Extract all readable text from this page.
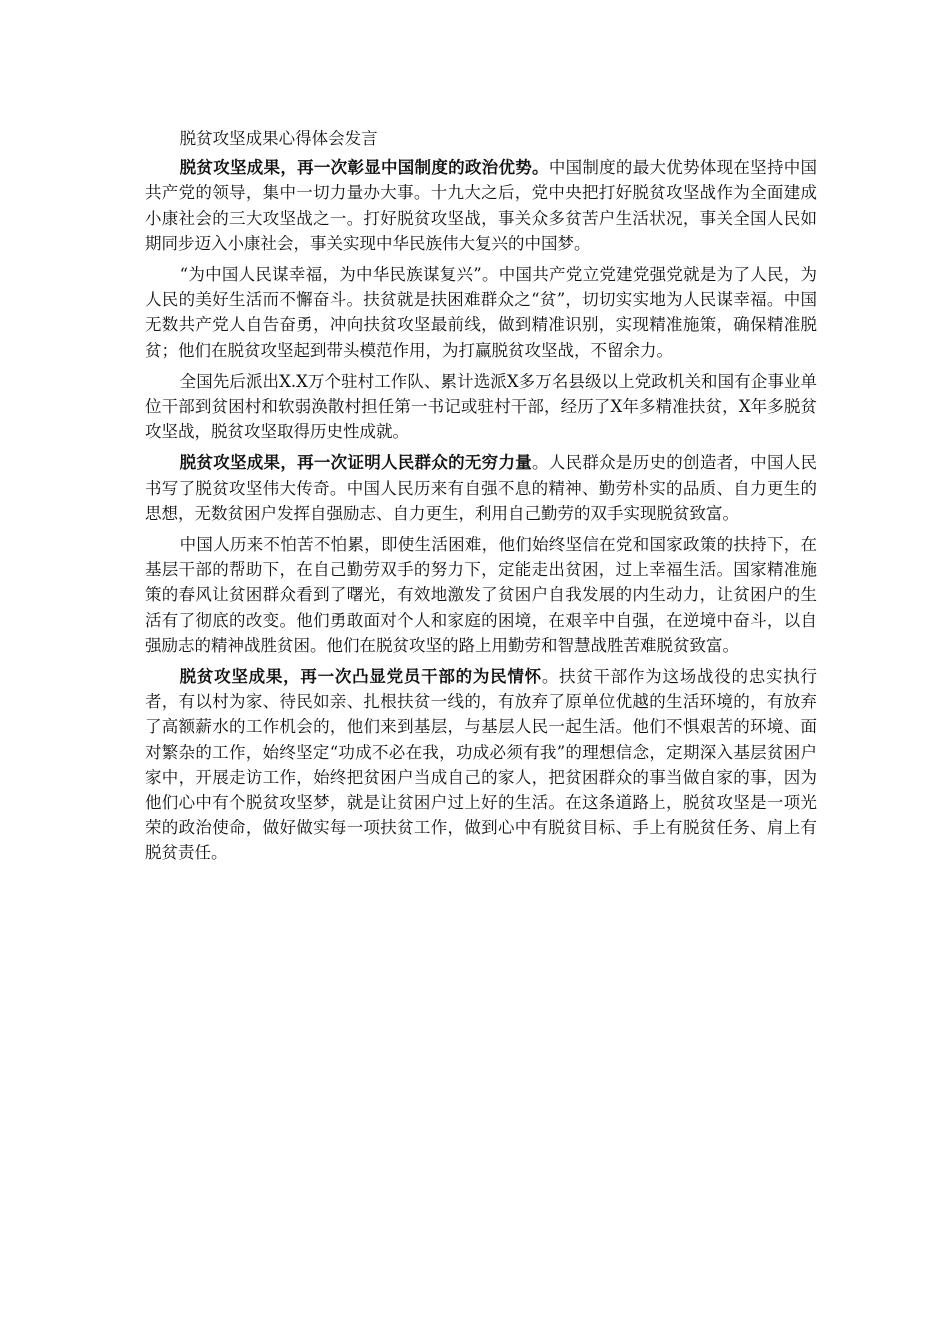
脱贫攻坚成果心得体会发言

脱贫攻坚成果，再一次彰显中国制度的政治优势。中国制度的最大优势体现在坚持中国共产党的领导，集中一切力量办大事。十九大之后，党中央把打好脱贫攻坚战作为全面建成小康社会的三大攻坚战之一。打好脱贫攻坚战，事关众多贫苦户生活状况，事关全国人民如期同步迈入小康社会，事关实现中华民族伟大复兴的中国梦。

“为中国人民谋幸福，为中华民族谋复兴”。中国共产党立党建党强党就是为了人民，为人民的美好生活而不懈奋斗。扶贫就是扶困难群众之“贫”，切切实实地为人民谋幸福。中国无数共产党人自告奋勇，冲向扶贫攻坚最前线，做到精准识别，实现精准施策，确保精准脱贫；他们在脱贫攻坚起到带头模范作用，为打赢脱贫攻坚战，不留余力。

全国先后派出X.X万个驻村工作队、累计选派X多万名县级以上党政机关和国有企事业单位干部到贫困村和软弱涣散村担任第一书记或驻村干部，经历了X年多精准扶贫，X年多脱贫攻坚战，脱贫攻坚取得历史性成就。

脱贫攻坚成果，再一次证明人民群众的无穷力量。人民群众是历史的创造者，中国人民书写了脱贫攻坚伟大传奇。中国人民历来有自强不息的精神、勤劳朴实的品质、自力更生的思想，无数贫困户发挥自强励志、自力更生，利用自己勤劳的双手实现脱贫致富。

中国人历来不怕苦不怕累，即使生活困难，他们始终坚信在党和国家政策的扶持下，在基层干部的帮助下，在自己勤劳双手的努力下，定能走出贫困，过上幸福生活。国家精准施策的春风让贫困群众看到了曙光，有效地激发了贫困户自我发展的内生动力，让贫困户的生活有了彻底的改变。他们勇敢面对个人和家庭的困境，在艰辛中自强，在逆境中奋斗，以自强励志的精神战胜贫困。他们在脱贫攻坚的路上用勤劳和智慧战胜苦难脱贫致富。

脱贫攻坚成果，再一次凸显党员干部的为民情怀。扶贫干部作为这场战役的忠实执行者，有以村为家、待民如亲、扎根扶贫一线的，有放弃了原单位优越的生活环境的，有放弃了高额薪水的工作机会的，他们来到基层，与基层人民一起生活。他们不惧艰苦的环境、面对繁杂的工作，始终坚定“功成不必在我，功成必须有我”的理想信念，定期深入基层贫困户家中，开展走访工作，始终把贫困户当成自己的家人，把贫困群众的事当做自家的事，因为他们心中有个脱贫攻坚梦，就是让贫困户过上好的生活。在这条道路上，脱贫攻坚是一项光荣的政治使命，做好做实每一项扶贫工作，做到心中有脱贫目标、手上有脱贫任务、肩上有脱贫责任。
